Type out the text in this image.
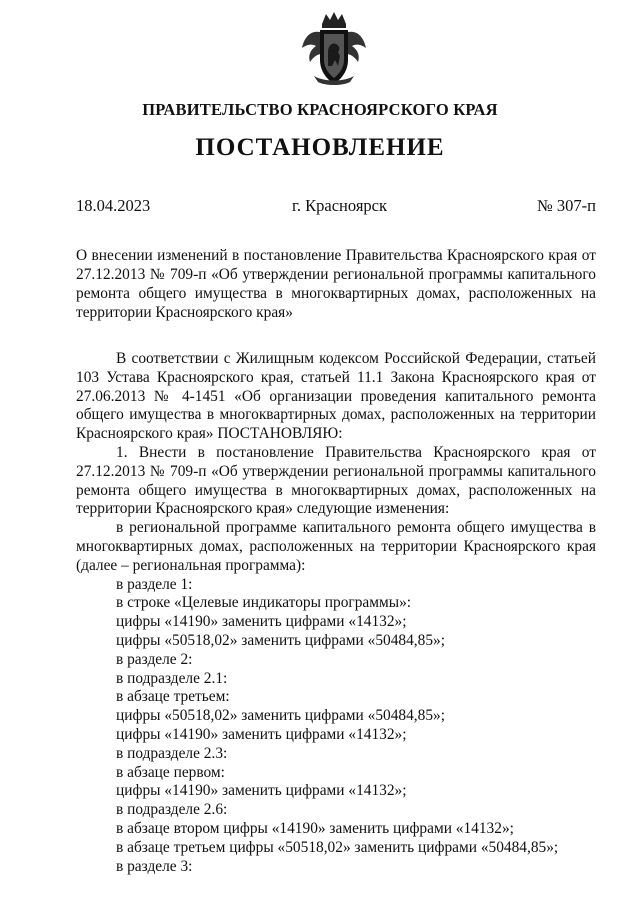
ПРАВИТЕЛЬСТВО КРАСНОЯРСКОГО КРАЯ
ПОСТАНОВЛЕНИЕ
18.04.2023	г. Красноярск	№ 307-п

О внесении изменений в постановление Правительства Красноярского края от 27.12.2013 № 709-п «Об утверждении региональной программы капитального ремонта общего имущества в многоквартирных домах, расположенных на территории Красноярского края»

В соответствии с Жилищным кодексом Российской Федерации, статьей 103 Устава Красноярского края, статьей 11.1 Закона Красноярского края от 27.06.2013 № 4-1451 «Об организации проведения капитального ремонта общего имущества в многоквартирных домах, расположенных на территории Красноярского края» ПОСТАНОВЛЯЮ:

1. Внести в постановление Правительства Красноярского края от 27.12.2013 № 709-п «Об утверждении региональной программы капитального ремонта общего имущества в многоквартирных домах, расположенных на территории Красноярского края» следующие изменения:

в региональной программе капитального ремонта общего имущества в многоквартирных домах, расположенных на территории Красноярского края (далее – региональная программа):

в разделе 1:

в строке «Целевые индикаторы программы»:

цифры «14190» заменить цифрами «14132»;

цифры «50518,02» заменить цифрами «50484,85»;

в разделе 2:

в подразделе 2.1:

в абзаце третьем:

цифры «50518,02» заменить цифрами «50484,85»;

цифры «14190» заменить цифрами «14132»;

в подразделе 2.3:

в абзаце первом:

цифры «14190» заменить цифрами «14132»;

в подразделе 2.6:

в абзаце втором цифры «14190» заменить цифрами «14132»;

в абзаце третьем цифры «50518,02» заменить цифрами «50484,85»;

в разделе 3:
